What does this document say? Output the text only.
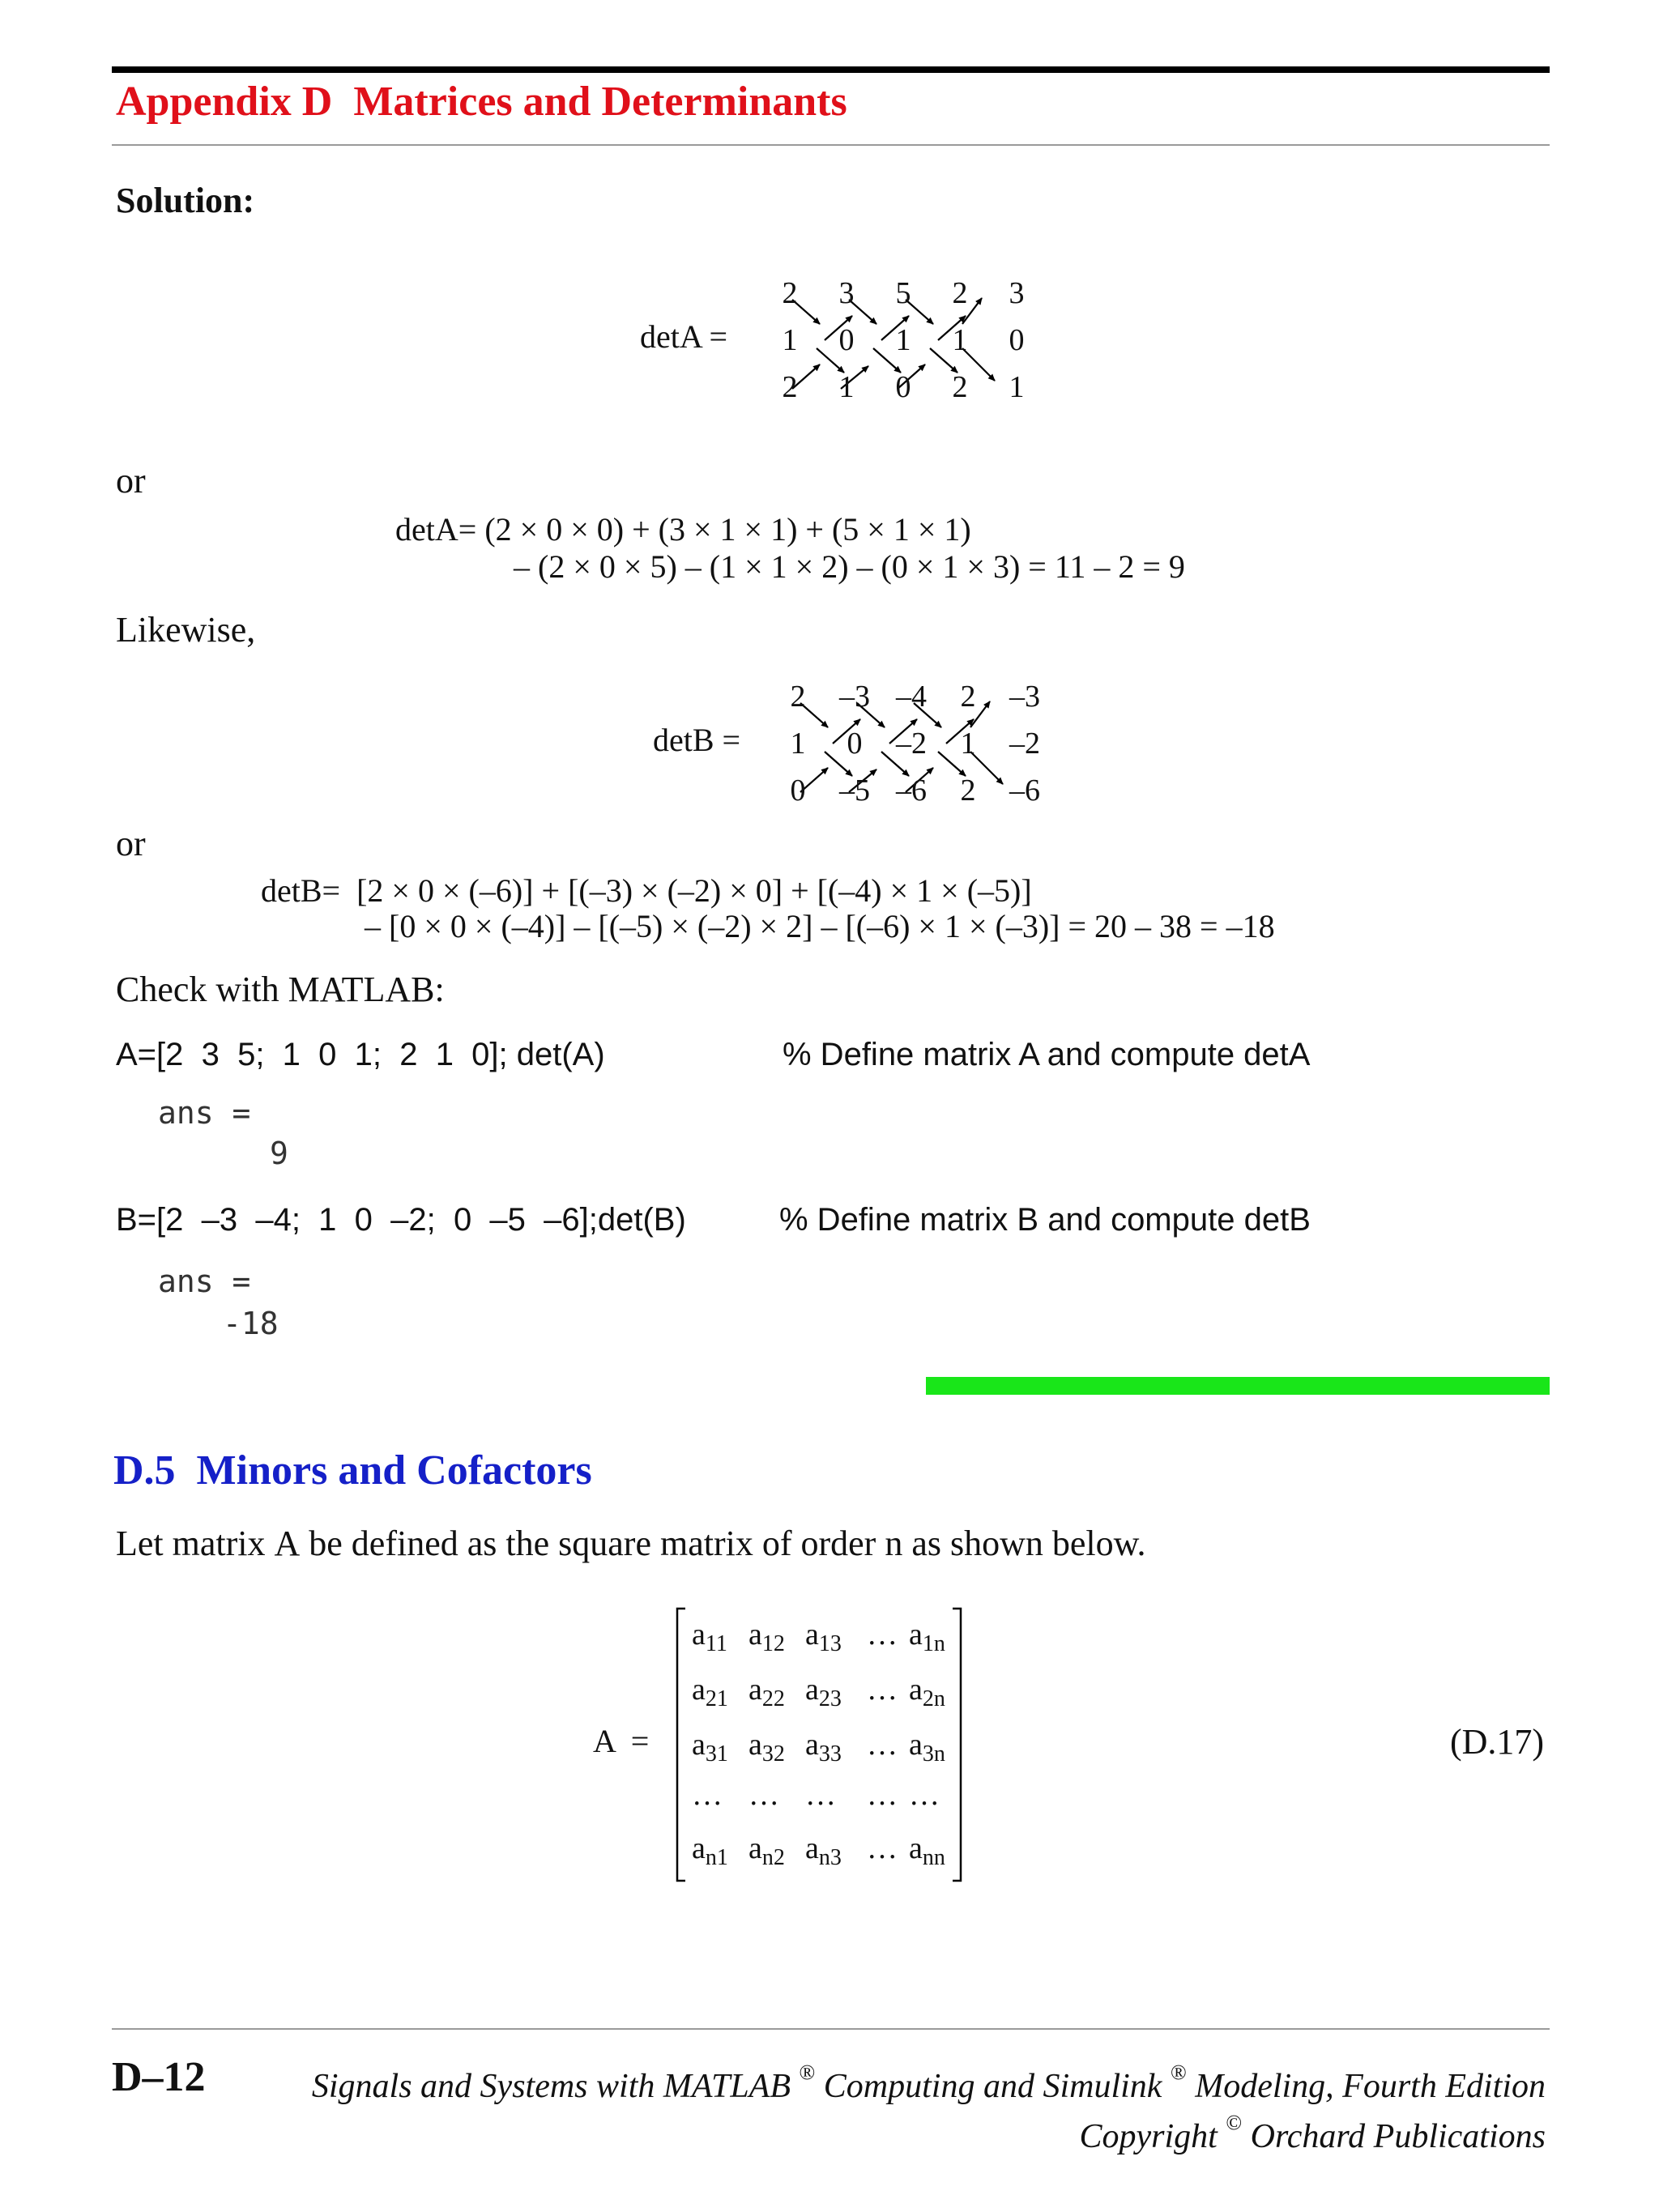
Appendix D  Matrices and Determinants
Solution:
detA =
2	3	5	2	3
1	0	1	1	0
2	1	0	2	1
or
detA= (2 × 0 × 0) + (3 × 1 × 1) + (5 × 1 × 1)
– (2 × 0 × 5) – (1 × 1 × 2) – (0 × 1 × 3) = 11 – 2 = 9
Likewise,
detB =
2	–3 –4	2	–3
1	0	–2	1	–2
0	–5 –6	2	–6
or
detB=  [2 × 0 × (–6)] + [(–3) × (–2) × 0] + [(–4) × 1 × (–5)]
– [0 × 0 × (–4)] – [(–5) × (–2) × 2] – [(–6) × 1 × (–3)] = 20 – 38 = –18
Check with MATLAB:
A=[2  3  5;  1  0  1;  2  1  0]; det(A)	% Define matrix A and compute detA
ans =
9
B=[2  –3  –4;  1  0  –2;  0  –5  –6];det(B)	% Define matrix B and compute detB
ans =
-18
D.5  Minors and Cofactors
Let matrix A be defined as the square matrix of order n as shown below.
A =
$a_{11}$ $a_{12}$ $a_{13}$ … $a_{1n}$
$a_{21}$ $a_{22}$ $a_{23}$ … $a_{2n}$
$a_{31}$ $a_{32}$ $a_{33}$ … $a_{3n}$
… … … … …
$a_{n1}$ $a_{n2}$ $a_{n3}$ … $a_{nn}$
(D.17)
D–12	Signals and Systems with MATLAB ® Computing and Simulink ® Modeling, Fourth Edition
Copyright © Orchard Publications
